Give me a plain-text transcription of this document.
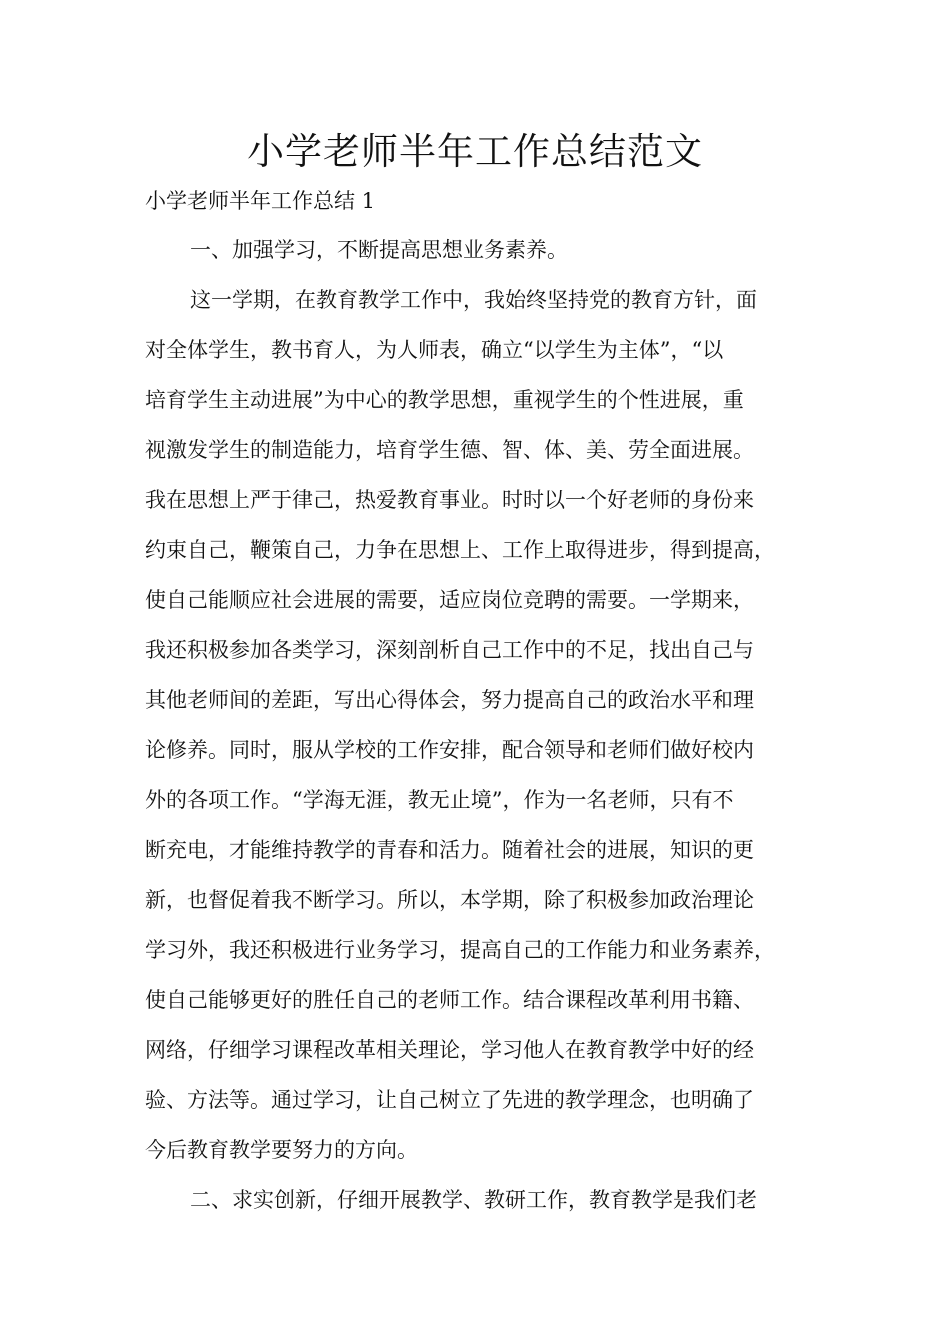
小学老师半年工作总结范文
小学老师半年工作总结 1
一、加强学习，不断提高思想业务素养。
这一学期，在教育教学工作中，我始终坚持党的教育方针，面
对全体学生，教书育人，为人师表，确立“以学生为主体”，“以
培育学生主动进展”为中心的教学思想，重视学生的个性进展，重
视激发学生的制造能力，培育学生德、智、体、美、劳全面进展。
我在思想上严于律己，热爱教育事业。时时以一个好老师的身份来
约束自己，鞭策自己，力争在思想上、工作上取得进步，得到提高，
使自己能顺应社会进展的需要，适应岗位竞聘的需要。一学期来，
我还积极参加各类学习，深刻剖析自己工作中的不足，找出自己与
其他老师间的差距，写出心得体会，努力提高自己的政治水平和理
论修养。同时，服从学校的工作安排，配合领导和老师们做好校内
外的各项工作。“学海无涯，教无止境”，作为一名老师，只有不
断充电，才能维持教学的青春和活力。随着社会的进展，知识的更
新，也督促着我不断学习。所以，本学期，除了积极参加政治理论
学习外，我还积极进行业务学习，提高自己的工作能力和业务素养，
使自己能够更好的胜任自己的老师工作。结合课程改革利用书籍、
网络，仔细学习课程改革相关理论，学习他人在教育教学中好的经
验、方法等。通过学习，让自己树立了先进的教学理念，也明确了
今后教育教学要努力的方向。
二、求实创新，仔细开展教学、教研工作，教育教学是我们老
